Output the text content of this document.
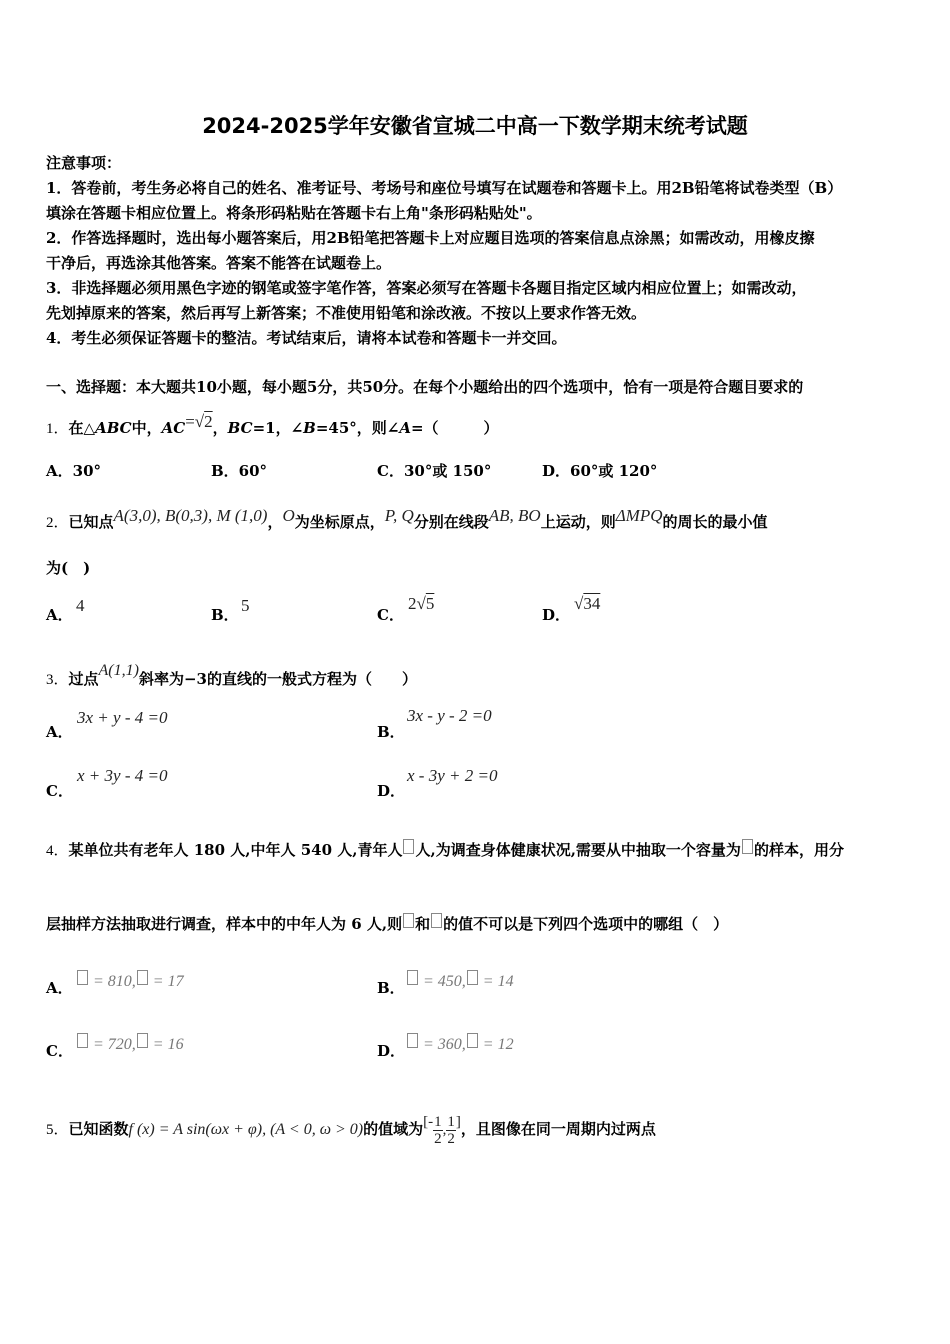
2024-2025学年安徽省宣城二中高一下数学期末统考试题
注意事项：
1．答卷前，考生务必将自己的姓名、准考证号、考场号和座位号填写在试题卷和答题卡上。用2B铅笔将试卷类型（B）
填涂在答题卡相应位置上。将条形码粘贴在答题卡右上角"条形码粘贴处"。
2．作答选择题时，选出每小题答案后，用2B铅笔把答题卡上对应题目选项的答案信息点涂黑；如需改动，用橡皮擦
干净后，再选涂其他答案。答案不能答在试题卷上。
3．非选择题必须用黑色字迹的钢笔或签字笔作答，答案必须写在答题卡各题目指定区域内相应位置上；如需改动，
先划掉原来的答案，然后再写上新答案；不准使用铅笔和涂改液。不按以上要求作答无效。
4．考生必须保证答题卡的整洁。考试结束后，请将本试卷和答题卡一并交回。
一、选择题：本大题共10小题，每小题5分，共50分。在每个小题给出的四个选项中，恰有一项是符合题目要求的
1．在△ABC中，AC=√2，BC=1，∠B=45°，则∠A=（　　　）
A．30°	B．60°	C．30°或 150°	D．60°或 120°
2．已知点A(3,0), B(0,3), M (1,0)，O为坐标原点，P, Q分别在线段AB, BO上运动，则ΔMPQ的周长的最小值
为(　)
A． 4	B． 5	C．
2√5
D．
√34
3．过点A(1,1)斜率为−3的直线的一般式方程为（　　）
A．
3x + y - 4 =0
B．
3x - y - 2 =0
C．
x + 3y - 4 =0
D．
x - 3y + 2 =0
4．某单位共有老年人 180 人,中年人 540 人,青年人 人,为调查身体健康状况,需要从中抽取一个容量为 的样本，用分
层抽样方法抽取进行调查，样本中的中年人为 6 人,则 和 的值不可以是下列四个选项中的哪组（　）
A．	= 810, = 17	B．	= 450, = 14
C．	= 720, = 16	D．	= 360, = 12
5．已知函数f (x) = A sin(ωx + φ), (A < 0, ω > 0)的值域为[- $\frac{1}{2}$ , $\frac{1}{2}$ ]，且图像在同一周期内过两点
